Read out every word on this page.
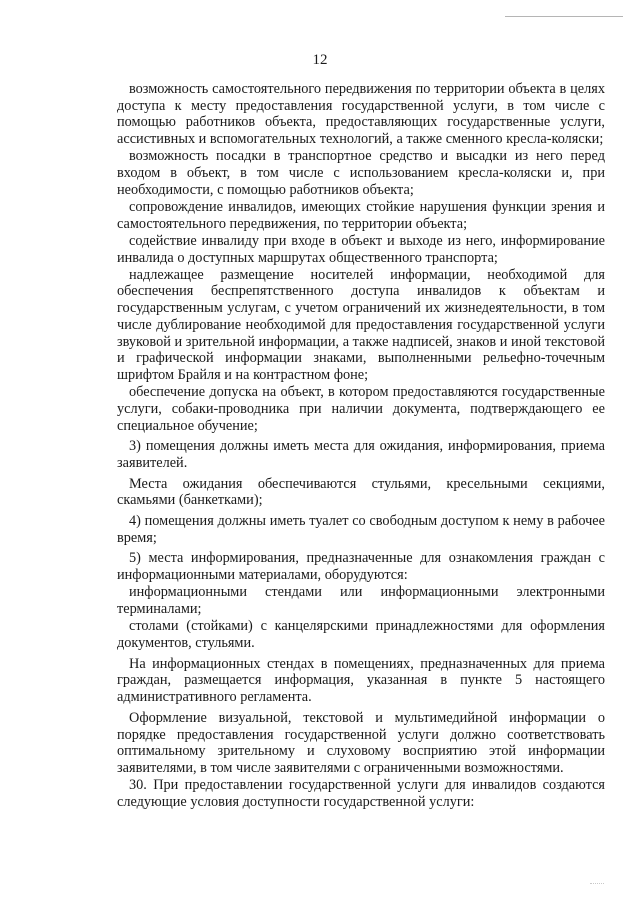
12

возможность самостоятельного передвижения по территории объекта в целях доступа к месту предоставления государственной услуги, в том числе с помощью работников объекта, предоставляющих государственные услуги, ассистивных и вспомогательных технологий, а также сменного кресла-коляски;

возможность посадки в транспортное средство и высадки из него перед входом в объект, в том числе с использованием кресла-коляски и, при необходимости, с помощью работников объекта;

сопровождение инвалидов, имеющих стойкие нарушения функции зрения и самостоятельного передвижения, по территории объекта;

содействие инвалиду при входе в объект и выходе из него, информирование инвалида о доступных маршрутах общественного транспорта;

надлежащее размещение носителей информации, необходимой для обеспечения беспрепятственного доступа инвалидов к объектам и государственным услугам, с учетом ограничений их жизнедеятельности, в том числе дублирование необходимой для предоставления государственной услуги звуковой и зрительной информации, а также надписей, знаков и иной текстовой и графической информации знаками, выполненными рельефно-точечным шрифтом Брайля и на контрастном фоне;

обеспечение допуска на объект, в котором предоставляются государственные услуги, собаки-проводника при наличии документа, подтверждающего ее специальное обучение;

3) помещения должны иметь места для ожидания, информирования, приема заявителей.

Места ожидания обеспечиваются стульями, кресельными секциями, скамьями (банкетками);

4) помещения должны иметь туалет со свободным доступом к нему в рабочее время;

5) места информирования, предназначенные для ознакомления граждан с информационными материалами, оборудуются:

информационными стендами или информационными электронными терминалами;

столами (стойками) с канцелярскими принадлежностями для оформления документов, стульями.

На информационных стендах в помещениях, предназначенных для приема граждан, размещается информация, указанная в пункте 5 настоящего административного регламента.

Оформление визуальной, текстовой и мультимедийной информации о порядке предоставления государственной услуги должно соответствовать оптимальному зрительному и слуховому восприятию этой информации заявителями, в том числе заявителями с ограниченными возможностями.

30. При предоставлении государственной услуги для инвалидов создаются следующие условия доступности государственной услуги:
